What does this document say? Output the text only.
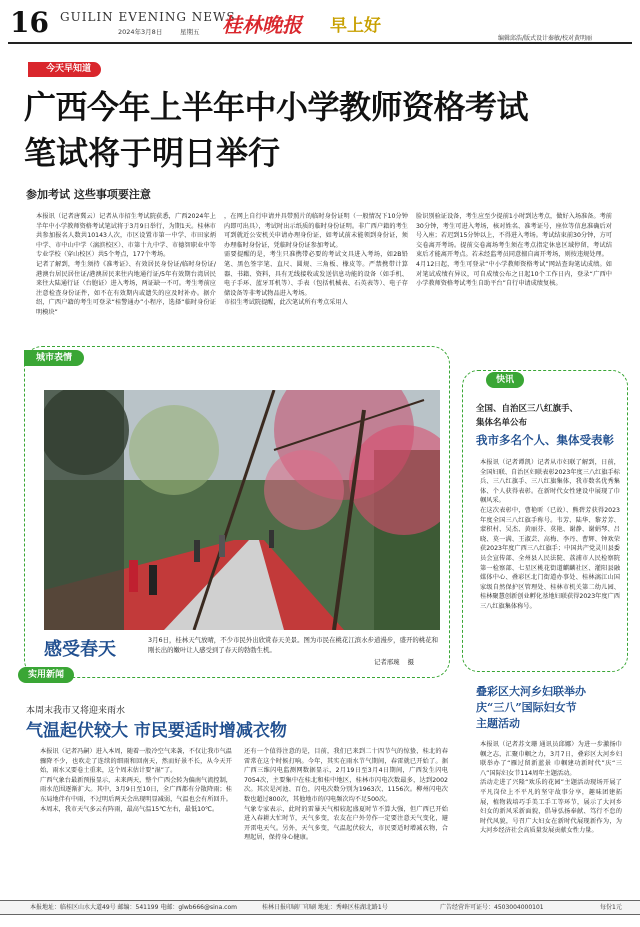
16 GUILIN EVENING NEWS
2024年3月8日	星期五 桂林晚报 早上好
编辑邱浩/版式设计秦敏/校对黄明丽
今天早知道
广西今年上半年中小学教师资格考试
笔试将于明日举行
参加考试 这些事项要注意
本报讯（记者唐冀云）记者从市招生考试院获悉，广西2024年上半年中小学教师资格考试笔试将于3月9日举行，为期1天。桂林市共参加报名人数共10143人次，市区设置市第一中学、市田家炳中学、市中山中学（漓滨校区）、市第十九中学、市德智职业中等专业学校（穿山校区）共5个考点，177个考场。
记者了解到，考生须持《准考证》、有效居民身份证/临时身份证/港澳台居民居住证/港澳居民来往内地通行证/5年有效期台湾居民来往大陆通行证（台胞证）进入考场，两证缺一不可。考生考前应注意检查身份证件，如不在有效期内或遗失的应及时补办。据介绍，广西户籍的考生可登录“桂警通办”小程序，选择“临时身份证明模块”
，在网上自行申请并具带照片的临时身份证明（一般情况下10分钟内即可出具），考试时出示纸质的临时身份证明。非广西户籍的考生可到就近公安机关申请办理身份证，如考试前未能领到身份证，须办理临时身份证，凭临时身份证参加考试。
需要提醒的是，考生只准携带必要的考试文具进入考场，如2B铅笔、黑色签字笔、直尺、圆规、三角板、橡皮等。严禁携带计算器、书籍、资料，具有无线接收或发送信息功能的设备（如手机、电子手环、蓝牙耳机等）、手表（包括机械表、石英表等）、电子存储设备等非考试物品进入考场。
市招生考试院提醒，此次笔试所有考点采用人
脸识别验证设备，考生应至少提前1小时到达考点，做好入场准备。考前30分钟，考生可进入考场，核对姓名、准考证号，座位等信息准确后对号入座；若迟到15分钟以上，不得进入考场。考试结束前30分钟，方可交卷离开考场。提前交卷离场考生须在考点指定休息区域停留，考试结束后才能离开考点。若未经监考员同意擅自离开考场，则按违规处理。
4月12日起，考生可登录“中小学教师资格考试”网站查询笔试成绩。如对笔试成绩有异议，可自成绩公布之日起10个工作日内，登录“广西中小学教师资格考试考生自助平台”自行申请成绩复核。
城市表情
感受春天	3月6日，桂林天气放晴，不少市民外出欣赏春天美景。图为市民在桃花江滨水步道漫步，盛开的桃花和刚长出的嫩叶让人感受到了春天的勃勃生机。
记者邢琬 摄
实用新闻
本周末我市又将迎来雨水
气温起伏较大 市民要适时增减衣物
本报讯（记者冯嗣）进入本周，随着一股冷空气来袭，不仅让我市气温骤降不少，也吹走了连续的细雨和回南天，然而好景不长，从今天开始，雨水又要卷土重来，这个周末估计要“湿”了。
广西气象台最新预报显示，未来两天，整个广西会转为偏南气流控制，雨水范围逐渐扩大。其中，3月9日至10日，全广西都有分散降雨；桂东局地伴有中雨，不过明后两天会出现明显减弱，气温也会有所回升。本周末，我市天气多云有阵雨，最高气温15℃左右，最低10℃。
还有一个值得注意的是，目前，我们已来到二十四节气的惊蛰，桂北的春雷常在这个时候打响。今年，其实在雨水节气期间，春雷就已开始了。据广西三维闪电监测网数据显示，2月19日至3月4日期间，广西发生闪电7054次，主要集中在桂北和桂中地区，桂林市闪电次数最多，达到2002次。其次是河池、百色，闪电次数分别为1963次、1156次。柳州闪电次数也超过800次，其他地市的闪电频次均不足500次。
气象专家表示，此时的雷暴天气相较起盛夏时节不算大强，但广西已开始进入春耕大忙时节，天气多变，农友在户外劳作一定要注意天气变化，避开雷电天气。另外，天气多变，气温起伏较大，市民要适时增减衣物，合理起居，保持身心健康。
快讯
全国、自治区三八红旗手、
集体名单公布
我市多名个人、集体受表彰
本报讯（记者谭凯）记者从市妇联了解到，日前，全国妇联、自治区妇联表彰2023年度三八红旗手标兵、三八红旗手、三八红旗集体，我市数名优秀集体、个人获得表彰。在新时代女性建设中展现了巾帼风采。
在这次表彰中，曹艳昕（已故）、熊碧芳获得2023年度全国三八红旗手称号。韦芳、陆华、黎芳芳、蒙积村、吴杰、黄丽芬、莫艳、谢静、谢娟琴、吕晓、莫一满、王淑芸、高梅、李丹、曹辉、钟欢荣获2023年度广西三八红旗手；中国共产党灵川县委员会宣传部、全州县人民法院、荔浦市人民检察院第一检察部、七星区桃花街道麒麟社区、灌阳县融媒体中心、叠彩区北门街道办事处、桂林漓江山国家级自然保护区管理处、桂林市机关第二幼儿园、桂林聚慧创新创业孵化基地妇联获得2023年度广西三八红旗集体称号。
叠彩区大河乡妇联举办
庆“三八”国际妇女节
主题活动
本报讯（记者苏文珊 通讯员邱娜）为进一步激扬巾帼之志，汇聚巾帼之力，3月7日，叠彩区大河乡妇联举办了“雁过留新蓝景 巾帼建功新时代”庆“三八”国际妇女节114周年主题活动。
活动走进了兴隆“欢乐的花园”主题活动现场开展了平凡岗位上不平凡的坚守故事分享，趣味团建拓展，植物栽培巧手美工手工等环节，展示了大河乡妇女的新风采新面貌，倡导弘扬奉献、笃行不怠的时代风貌，号召广大妇女在新时代展现新作为，为大河乡经济社会高质量发展贡献女性力量。
本报地址：临桂区山水大道49号 邮编：541199 电邮：glwb666@sina.com	桂林日报印刷厂印刷 地址：秀峰区桂湖北路1号	广告经营许可证号：4503004000101	每份1元
